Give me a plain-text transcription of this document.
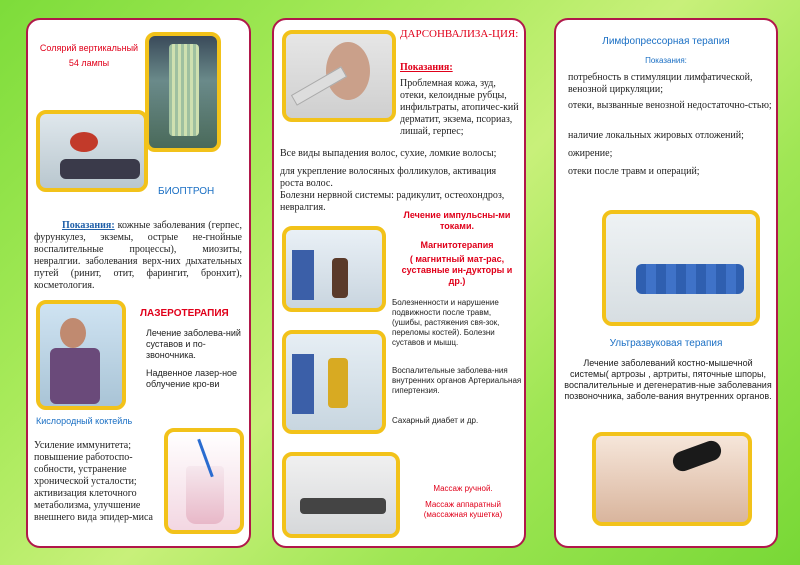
Солярий вертикальный
54 лампы
БИОПТРОН
Показания: кожные заболевания (герпес, фурункулез, экземы, острые не-гнойные воспалительные процессы), миозиты, невралгии. заболевания верх-них дыхательных путей (ринит, отит, фарингит, бронхит), косметология.
ЛАЗЕРОТЕРАПИЯ
Лечение заболева-ний суставов и по-звоночника.
Надвенное лазер-ное облучение кро-ви
Кислородный коктейль
Усиление иммунитета; повышение работоспо-собности, устранение хронической усталости; активизация клеточного метаболизма, улучшение внешнего вида эпидер-миса
ДАРСОНВАЛИЗА-ЦИЯ:
Показания:
Проблемная кожа, зуд, отеки, келоидные рубцы, инфильтраты, атопичес-кий дерматит, экзема, псориаз, лишай, герпес;
Все виды выпадения волос, сухие, ломкие волосы;
для укрепление волосяных фолликулов, активация роста волос.
Болезни нервной системы: радикулит, остеохондроз, невралгия.
Лечение импульсны-ми токами.
Магнитотерапия
( магнитный мат-рас, суставные ин-дукторы и др.)
Болезненности и нарушение подвижности после травм, (ушибы, растяжения свя-зок, переломы костей). Болезни суставов и мышц.
Воспалительные заболева-ния внутренних органов Артериальная гипертензия.
Сахарный диабет и др.
Массаж ручной.
Массаж аппаратный
(массажная кушетка)
Лимфопрессорная терапия
Показания:
потребность в стимуляции лимфатической, венозной циркуляции;
отеки, вызванные венозной недостаточно-стью;
наличие локальных жировых отложений;
ожирение;
отеки после травм и операций;
Ультразвуковая терапия
Лечение заболеваний костно-мышечной системы( артрозы , артриты, пяточные шпоры, воспалительные и дегенератив-ные заболевания позвоночника, заболе-вания внутренних органов.
